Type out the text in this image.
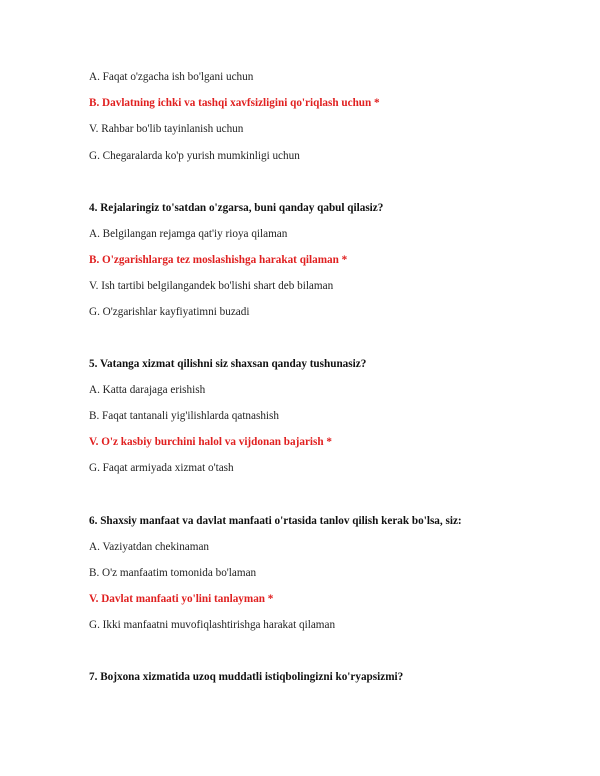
A. Faqat o'zgacha ish bo'lgani uchun
B. Davlatning ichki va tashqi xavfsizligini qo'riqlash uchun *
V. Rahbar bo'lib tayinlanish uchun
G. Chegaralarda ko'p yurish mumkinligi uchun
4. Rejalaringiz to'satdan o'zgarsa, buni qanday qabul qilasiz?
A. Belgilangan rejamga qat'iy rioya qilaman
B. O'zgarishlarga tez moslashishga harakat qilaman *
V. Ish tartibi belgilangandek bo'lishi shart deb bilaman
G. O'zgarishlar kayfiyatimni buzadi
5. Vatanga xizmat qilishni siz shaxsan qanday tushunasiz?
A. Katta darajaga erishish
B. Faqat tantanali yig'ilishlarda qatnashish
V. O'z kasbiy burchini halol va vijdonan bajarish *
G. Faqat armiyada xizmat o'tash
6. Shaxsiy manfaat va davlat manfaati o'rtasida tanlov qilish kerak bo'lsa, siz:
A. Vaziyatdan chekinaman
B. O'z manfaatim tomonida bo'laman
V. Davlat manfaati yo'lini tanlayman *
G. Ikki manfaatni muvofiqlashtirishga harakat qilaman
7. Bojxona xizmatida uzoq muddatli istiqbolingizni ko'ryapsizmi?
